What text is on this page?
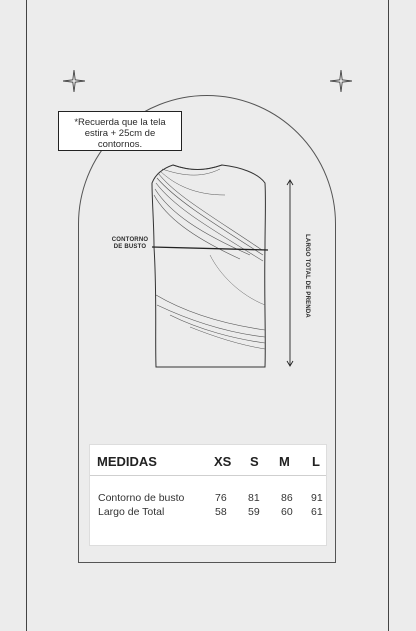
*Recuerda que la tela
estira + 25cm de
contornos.
CONTORNO
DE BUSTO	LARGO TOTAL DE PRENDA
MEDIDAS	XS S M L
Contorno de busto	76 81 86 91
Largo de Total	58 59 60 61
